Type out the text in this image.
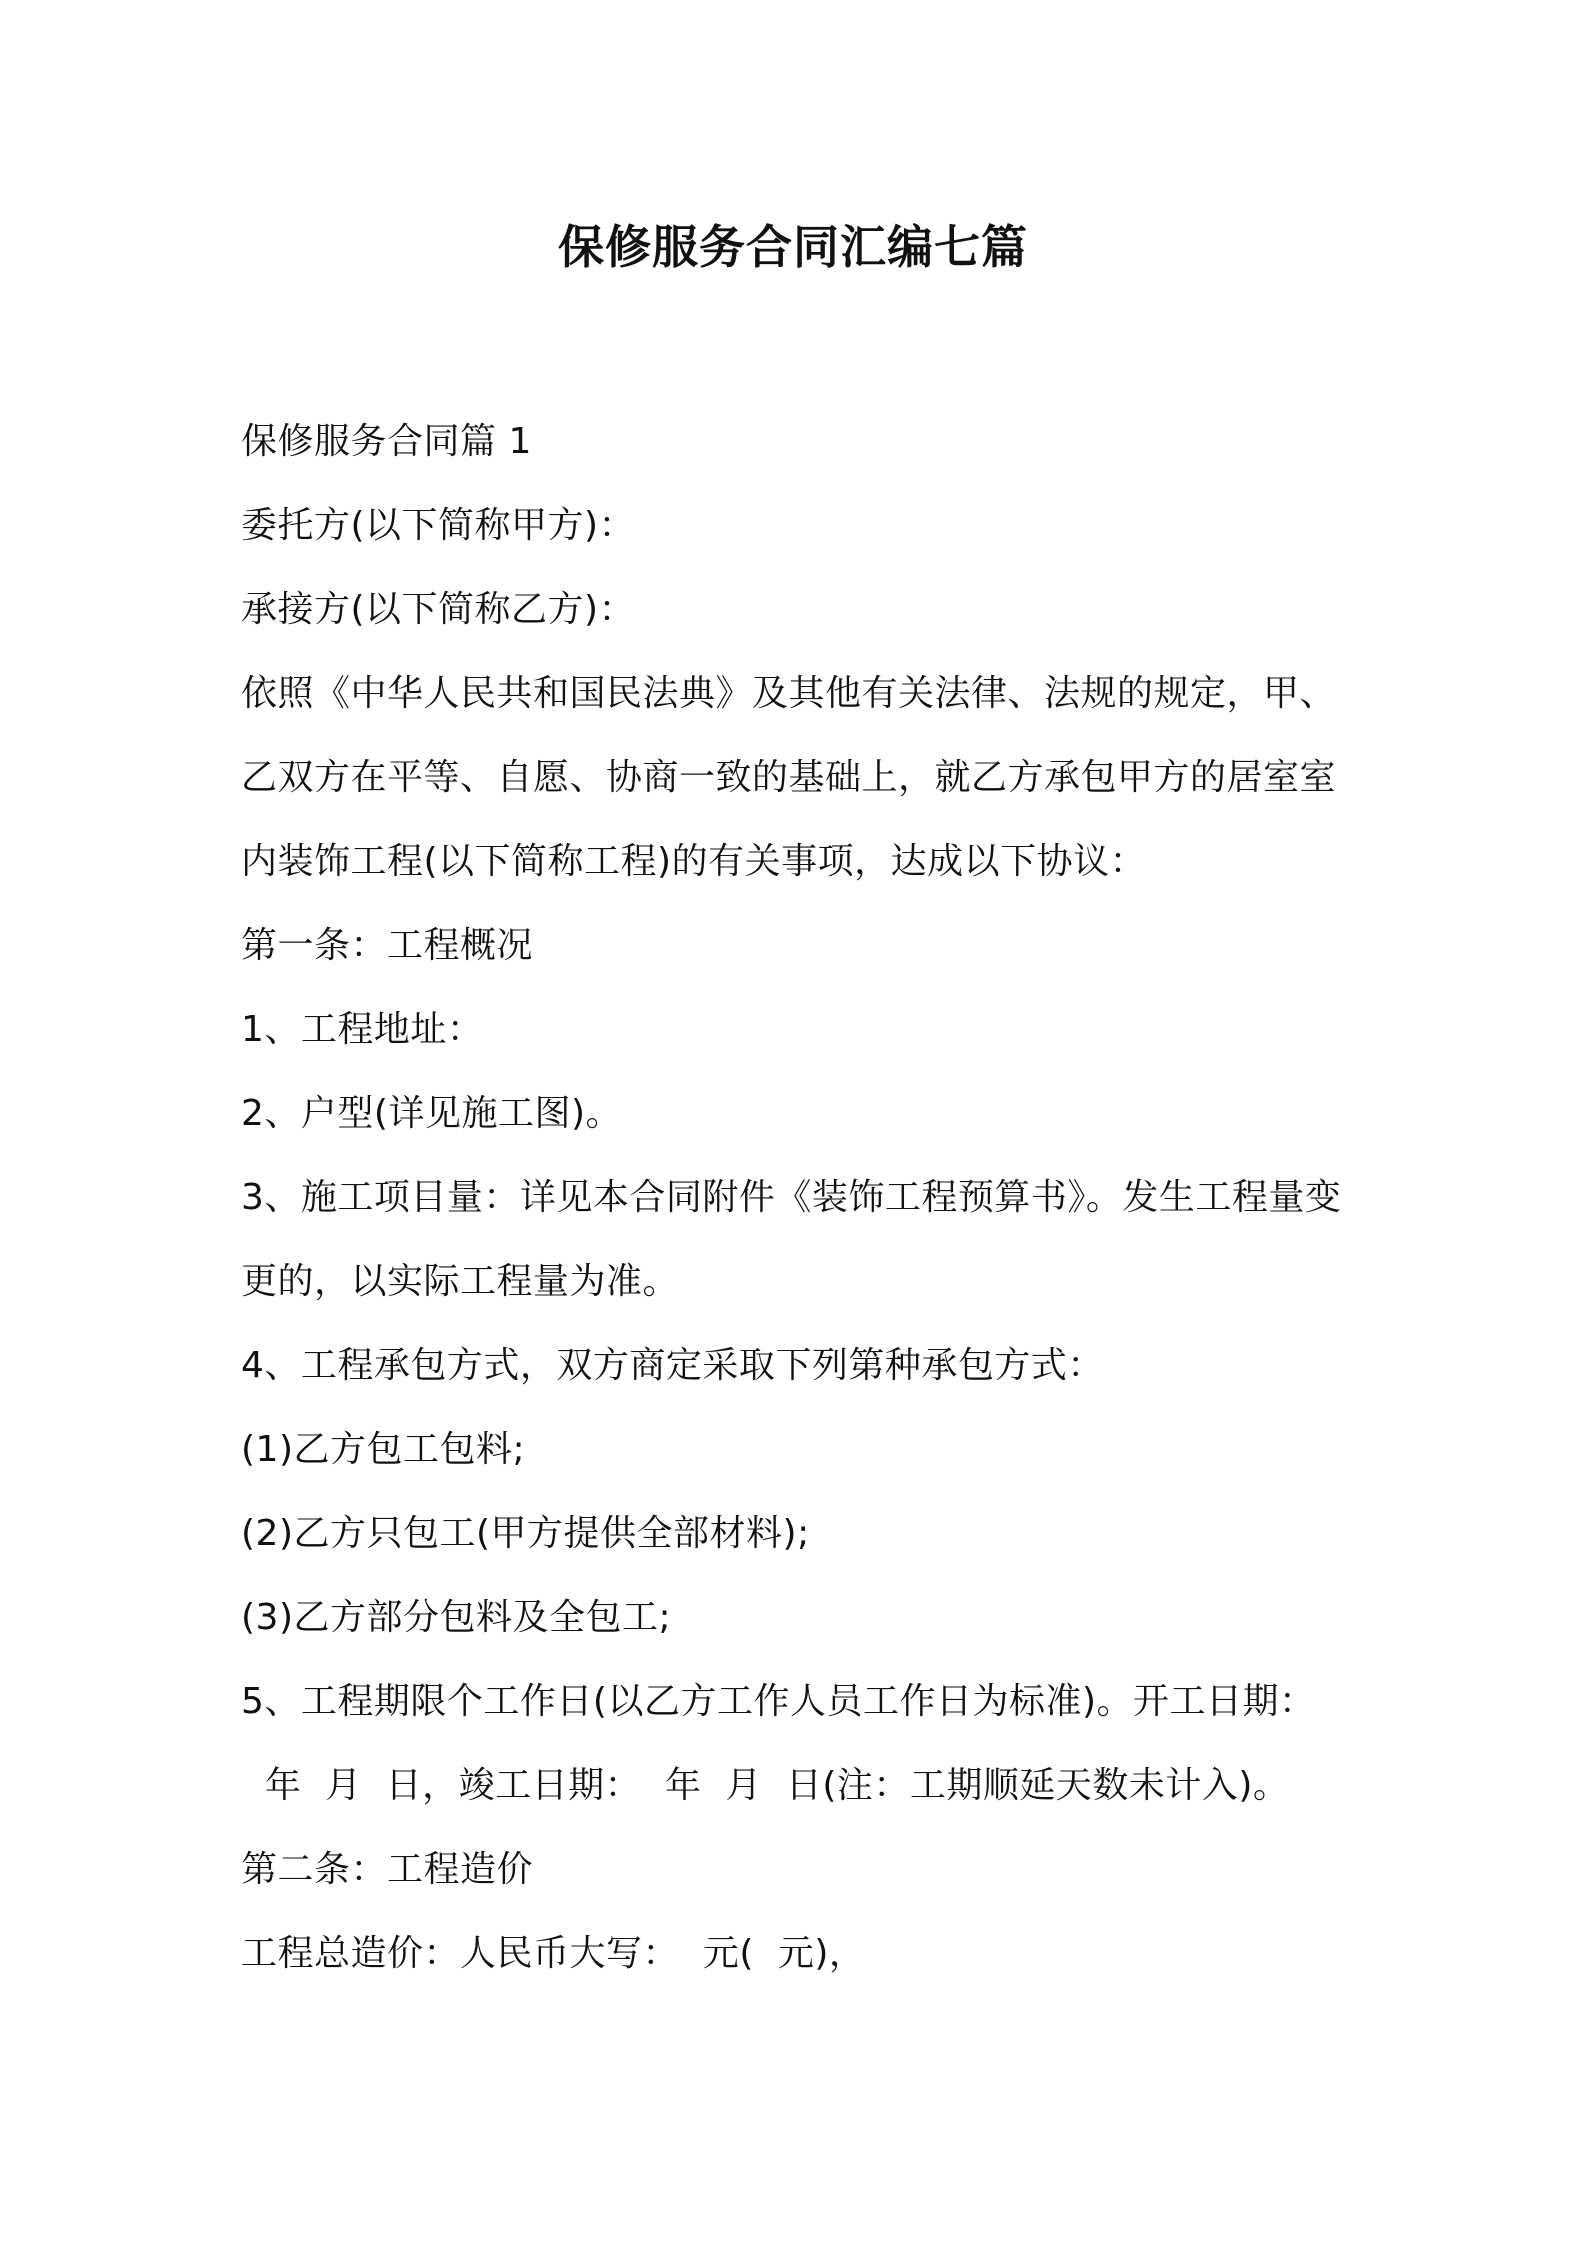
保修服务合同汇编七篇
保修服务合同篇 1
委托方(以下简称甲方)：
承接方(以下简称乙方)：
依照《中华人民共和国民法典》及其他有关法律、法规的规定，甲、
乙双方在平等、自愿、协商一致的基础上，就乙方承包甲方的居室室
内装饰工程(以下简称工程)的有关事项，达成以下协议：
第一条：工程概况
1、工程地址：
2、户型(详见施工图)。
3、施工项目量：详见本合同附件《装饰工程预算书》。发生工程量变
更的，以实际工程量为准。
4、工程承包方式，双方商定采取下列第种承包方式：
(1)乙方包工包料;
(2)乙方只包工(甲方提供全部材料);
(3)乙方部分包料及全包工;
5、工程期限个工作日(以乙方工作人员工作日为标准)。开工日期：
年  月  日，竣工日期：  年  月  日(注：工期顺延天数未计入)。
第二条：工程造价
工程总造价：人民币大写：  元(  元)，
